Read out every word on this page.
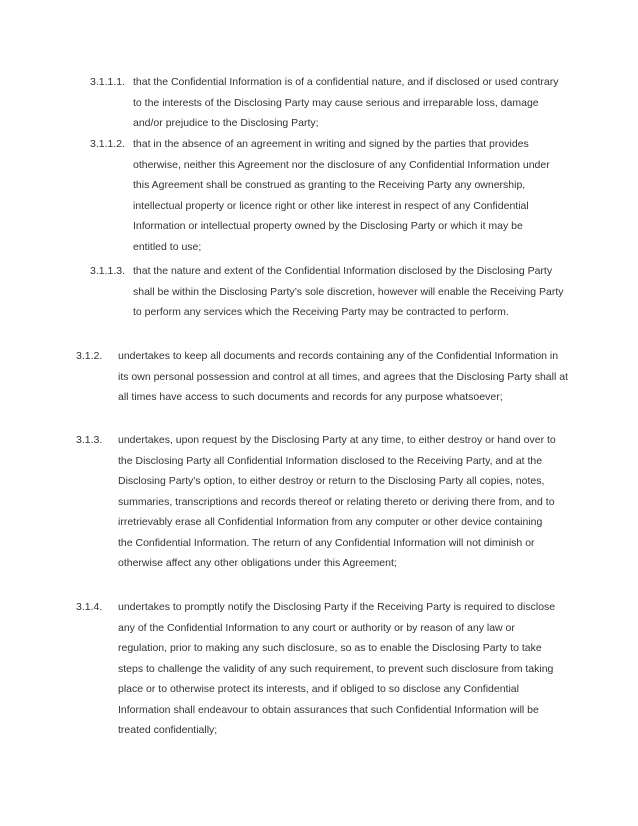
3.1.1.1. that the Confidential Information is of a confidential nature, and if disclosed or used contrary
to the interests of the Disclosing Party may cause serious and irreparable loss, damage
and/or prejudice to the Disclosing Party;
3.1.1.2. that in the absence of an agreement in writing and signed by the parties that provides
otherwise, neither this Agreement nor the disclosure of any Confidential Information under
this Agreement shall be construed as granting to the Receiving Party any ownership,
intellectual property or licence right or other like interest in respect of any Confidential
Information or intellectual property owned by the Disclosing Party or which it may be
entitled to use;
3.1.1.3. that the nature and extent of the Confidential Information disclosed by the Disclosing Party
shall be within the Disclosing Party’s sole discretion, however will enable the Receiving Party
to perform any services which the Receiving Party may be contracted to perform.
3.1.2. undertakes to keep all documents and records containing any of the Confidential Information in
its own personal possession and control at all times, and agrees that the Disclosing Party shall at
all times have access to such documents and records for any purpose whatsoever;
3.1.3. undertakes, upon request by the Disclosing Party at any time, to either destroy or hand over to
the Disclosing Party all Confidential Information disclosed to the Receiving Party, and at the
Disclosing Party’s option, to either destroy or return to the Disclosing Party all copies, notes,
summaries, transcriptions and records thereof or relating thereto or deriving there from, and to
irretrievably erase all Confidential Information from any computer or other device containing
the Confidential Information. The return of any Confidential Information will not diminish or
otherwise affect any other obligations under this Agreement;
3.1.4. undertakes to promptly notify the Disclosing Party if the Receiving Party is required to disclose
any of the Confidential Information to any court or authority or by reason of any law or
regulation, prior to making any such disclosure, so as to enable the Disclosing Party to take
steps to challenge the validity of any such requirement, to prevent such disclosure from taking
place or to otherwise protect its interests, and if obliged to so disclose any Confidential
Information shall endeavour to obtain assurances that such Confidential Information will be
treated confidentially;
